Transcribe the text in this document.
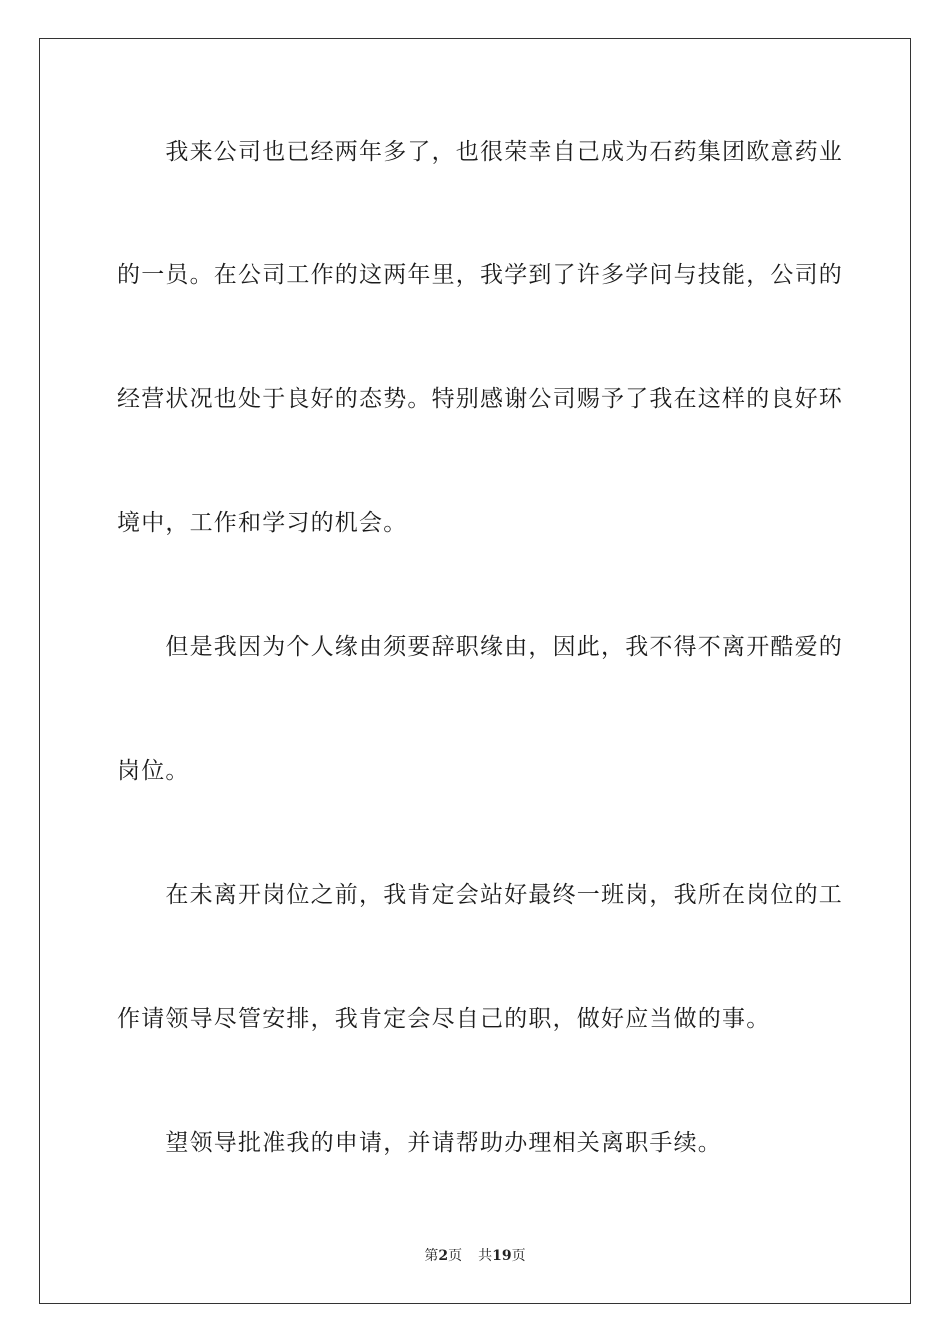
　　我来公司也已经两年多了，也很荣幸自己成为石药集团欧意药业
的一员。在公司工作的这两年里，我学到了许多学问与技能，公司的
经营状况也处于良好的态势。特别感谢公司赐予了我在这样的良好环
境中，工作和学习的机会。
　　但是我因为个人缘由须要辞职缘由，因此，我不得不离开酷爱的
岗位。
　　在未离开岗位之前，我肯定会站好最终一班岗，我所在岗位的工
作请领导尽管安排，我肯定会尽自己的职，做好应当做的事。
　　望领导批准我的申请，并请帮助办理相关离职手续。
第2页 共19页
